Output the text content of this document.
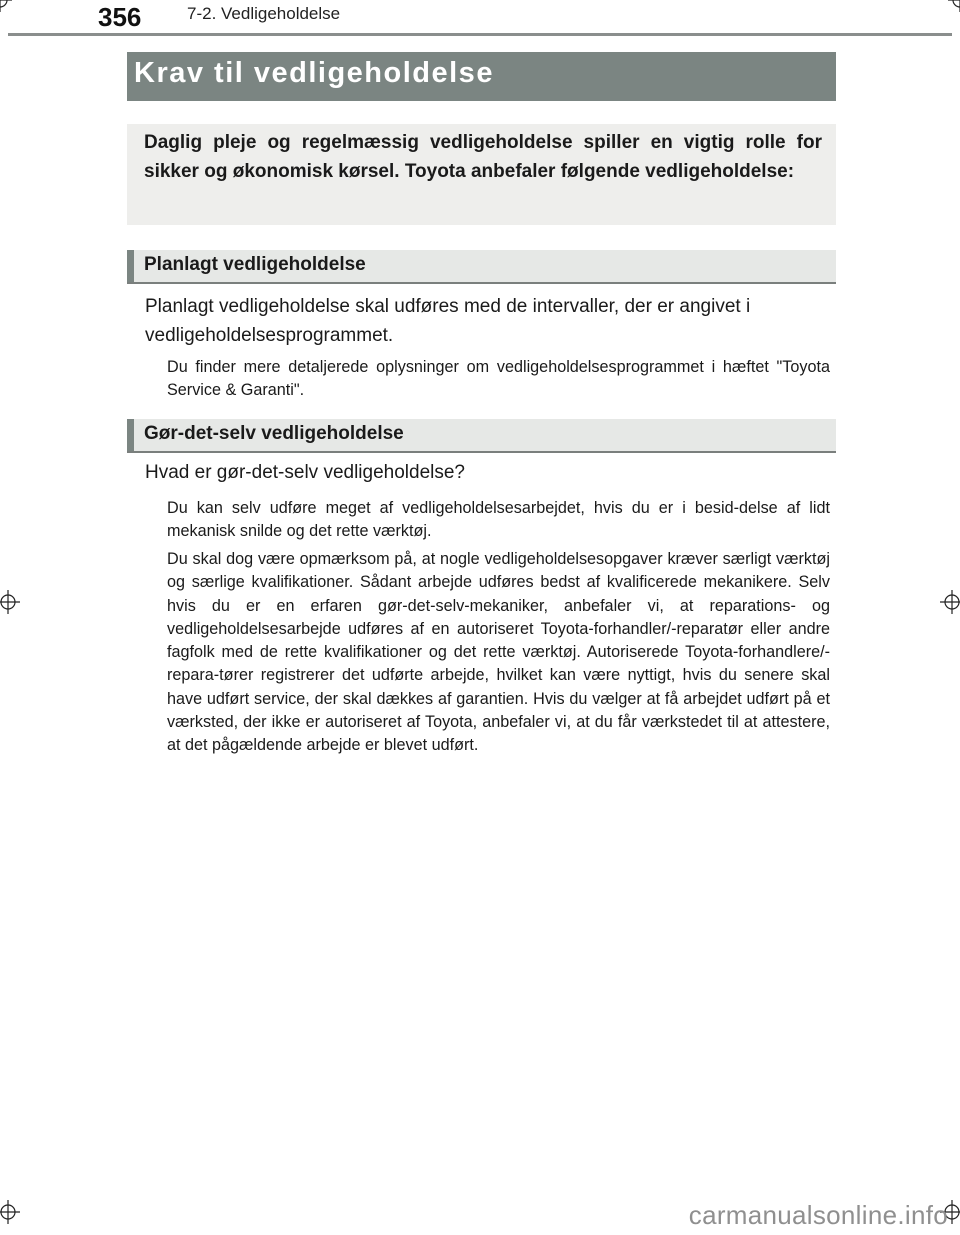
356	7-2. Vedligeholdelse
Krav til vedligeholdelse

Daglig pleje og regelmæssig vedligeholdelse spiller en vigtig rolle for sikker og økonomisk kørsel. Toyota anbefaler følgende vedligeholdelse:

Planlagt vedligeholdelse
Planlagt vedligeholdelse skal udføres med de intervaller, der er angivet i vedligeholdelsesprogrammet.

Du finder mere detaljerede oplysninger om vedligeholdelsesprogrammet i hæftet "Toyota Service & Garanti".

Gør-det-selv vedligeholdelse
Hvad er gør-det-selv vedligeholdelse?

Du kan selv udføre meget af vedligeholdelsesarbejdet, hvis du er i besid-delse af lidt mekanisk snilde og det rette værktøj.

Du skal dog være opmærksom på, at nogle vedligeholdelsesopgaver kræver særligt værktøj og særlige kvalifikationer. Sådant arbejde udføres bedst af kvalificerede mekanikere. Selv hvis du er en erfaren gør-det-selv-mekaniker, anbefaler vi, at reparations- og vedligeholdelsesarbejde udføres af en autoriseret Toyota-forhandler/-reparatør eller andre fagfolk med de rette kvalifikationer og det rette værktøj. Autoriserede Toyota-forhandlere/-repara-tører registrerer det udførte arbejde, hvilket kan være nyttigt, hvis du senere skal have udført service, der skal dækkes af garantien. Hvis du vælger at få arbejdet udført på et værksted, der ikke er autoriseret af Toyota, anbefaler vi, at du får værkstedet til at attestere, at det pågældende arbejde er blevet udført.

carmanualsonline.info
